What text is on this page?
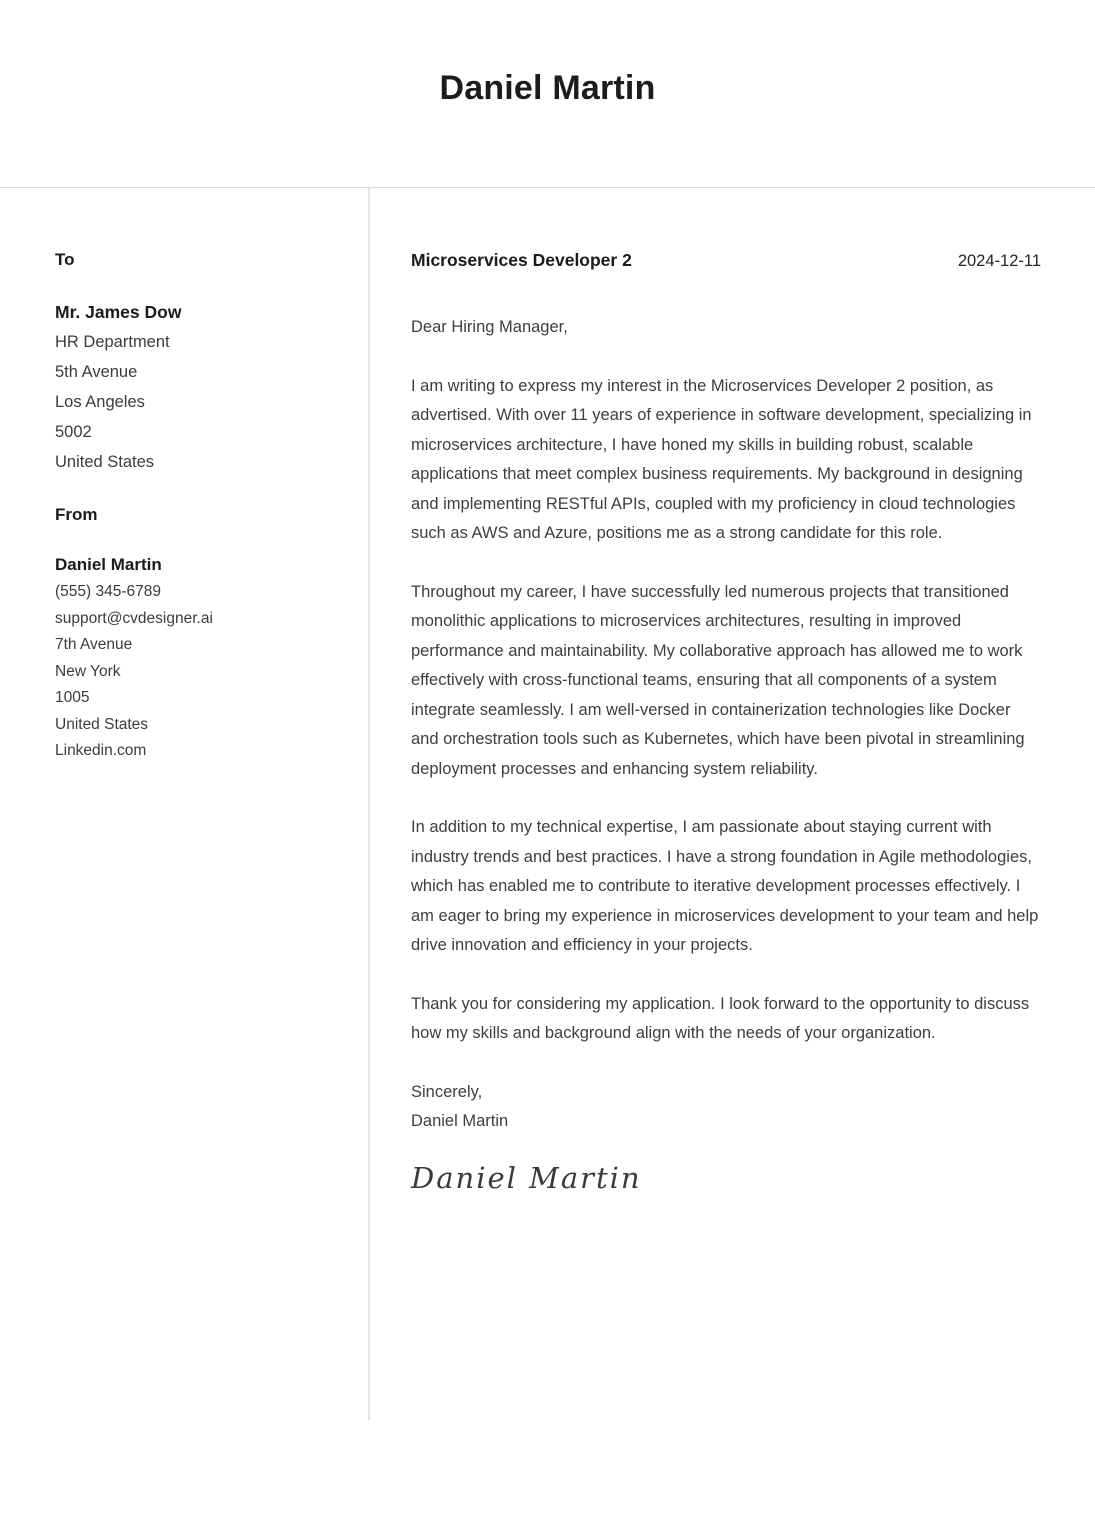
Daniel Martin
To
Mr. James Dow
HR Department
5th Avenue
Los Angeles
5002
United States
From
Daniel Martin
(555) 345-6789
support@cvdesigner.ai
7th Avenue
New York
1005
United States
Linkedin.com
Microservices Developer 2	2024-12-11

Dear Hiring Manager,

I am writing to express my interest in the Microservices Developer 2 position, as advertised. With over 11 years of experience in software development, specializing in microservices architecture, I have honed my skills in building robust, scalable applications that meet complex business requirements. My background in designing and implementing RESTful APIs, coupled with my proficiency in cloud technologies such as AWS and Azure, positions me as a strong candidate for this role.

Throughout my career, I have successfully led numerous projects that transitioned monolithic applications to microservices architectures, resulting in improved performance and maintainability. My collaborative approach has allowed me to work effectively with cross-functional teams, ensuring that all components of a system integrate seamlessly. I am well-versed in containerization technologies like Docker and orchestration tools such as Kubernetes, which have been pivotal in streamlining deployment processes and enhancing system reliability.

In addition to my technical expertise, I am passionate about staying current with industry trends and best practices. I have a strong foundation in Agile methodologies, which has enabled me to contribute to iterative development processes effectively. I am eager to bring my experience in microservices development to your team and help drive innovation and efficiency in your projects.

Thank you for considering my application. I look forward to the opportunity to discuss how my skills and background align with the needs of your organization.

Sincerely,

Daniel Martin

Daniel Martin
